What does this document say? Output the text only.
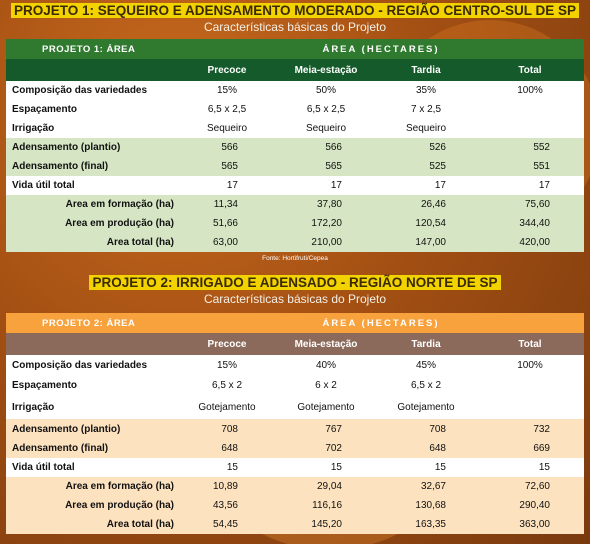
PROJETO 1: SEQUEIRO E ADENSAMENTO MODERADO - REGIÃO CENTRO-SUL DE SP
Características básicas do Projeto
PROJETO 1: ÁREA	ÁREA (HECTARES)
Precoce	Meia-estação	Tardia	Total
Composição das variedades	15%	50%	35%	100%
Espaçamento	6,5 x 2,5	6,5 x 2,5	7 x 2,5
Irrigação	Sequeiro	Sequeiro	Sequeiro
Adensamento (plantio)	566	566	526	552
Adensamento (final)	565	565	525	551
Vida útil total	17	17	17	17
Área em formação (ha)	11,34	37,80	26,46	75,60
Área em produção (ha)	51,66	172,20	120,54	344,40
Área total (ha)	63,00	210,00	147,00	420,00
Fonte: Hortifruti/Cepea
PROJETO 2: IRRIGADO E ADENSADO - REGIÃO NORTE DE SP
Características básicas do Projeto
PROJETO 2: ÁREA	ÁREA (HECTARES)
Precoce	Meia-estação	Tardia	Total
Composição das variedades	15%	40%	45%	100%
Espaçamento	6,5 x 2	6 x 2	6,5 x 2
Irrigação	Gotejamento	Gotejamento	Gotejamento
Adensamento (plantio)	708	767	708	732
Adensamento (final)	648	702	648	669
Vida útil total	15	15	15	15
Área em formação (ha)	10,89	29,04	32,67	72,60
Área em produção (ha)	43,56	116,16	130,68	290,40
Área total (ha)	54,45	145,20	163,35	363,00
